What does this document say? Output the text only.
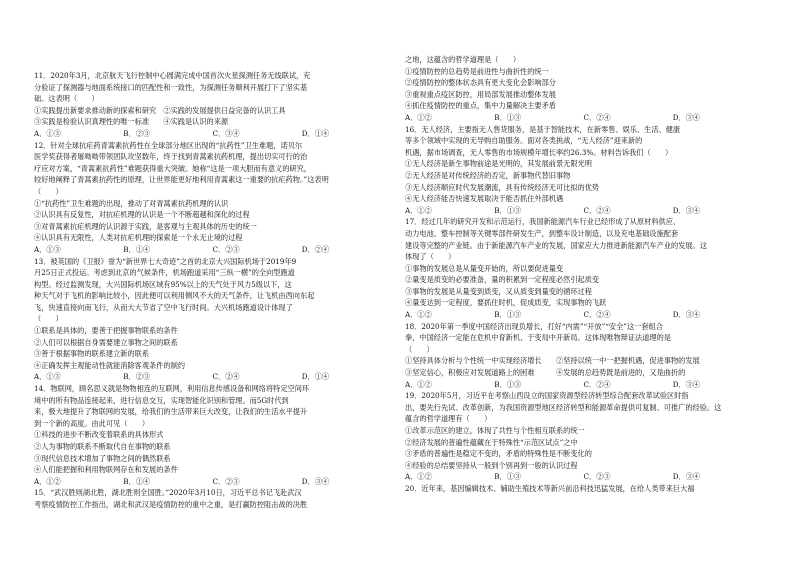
11．2020年3月，北京航天飞行控制中心圆满完成中国首次火星探测任务无线联试，充
分验证了探测器与地面系统接口的匹配性和一致性，为探测任务顺利开展打下了坚实基
础。这表明（　　）

①实践提出新要求推动新的探索和研究　②实践的发展提供日益完备的认识工具
③实践是检验认识真理性的唯一标准　　④实践是认识的来源
A．①③	B．②③	C．③④	D．①④

12．针对全球抗疟药青蒿素抗药性在全球部分地区出现的“抗药性”卫生难题，诺贝尔
医学奖获得者屠呦呦带领团队攻坚数年，终于找到青蒿素抗药机理，提出切实可行的治
疗应对方案，“青蒿素抗药性”难题获得重大突破。她称“这是一项大胆而有意义的研究，
较好地阐释了青蒿素抗药性的原理，让世界能更好地利用青蒿素这一重要的抗疟药物。”这表明
（　　）

①“抗药性”卫生难题的出现，推动了对青蒿素抗药机理的认识
②认识具有反复性，对抗疟机理的认识是一个不断超越和深化的过程
③对青蒿素抗疟机理的认识源于实践，是客观与主观具体的历史的统一
④认识具有无限性，人类对抗疟机理的探索是一个永无止境的过程
A．①③	B．①④	C．②③	D．②④

13．被英国的《卫报》誉为“新世界七大奇迹”之首的北京大兴国际机场于2019年9
月25日正式投运。考虑到北京的气候条件，机场跑道采用“三纵一横”的全向型跑道
构型。经过监测发现，大兴国际机场区域有95%以上的天气处于风力5级以下，这
种天气对于飞机的影响比较小，因此便可以利用侧风不大的天气条件，让飞机由西向东起
飞，快速直接向南飞行，从而大大节省了空中飞行时间。大兴机场跑道设计体现了
（　　）

①联系是具体的，要善于把握事物联系的条件
②人们可以根据自身需要建立事物之间的联系
③善于根据事物的联系建立新的联系
④正确发挥主观能动性就能消除客观条件的制约
A．①③	B．②③	C．②④	D．①④

14．物联网，顾名思义就是物物相连的互联网，利用信息传感设备和网络将特定空间环
境中的所有物品连接起来，进行信息交互，实现智能化识别和管理。而5G时代到
来，极大地提升了物联网的发展，给我们的生活带来巨大改变，让我们的生活水平提升
到一个新的高度。由此可见（　　）

①科技的进步不断改变着联系的具体形式
②人为事物的联系不断取代自在事物的联系
③现代信息技术增加了事物之间的偶然联系
④人们能把握和利用物联网存在和发展的条件
A．①②	B．①④	C．②③	D．③④

15．“武汉胜则湖北胜，湖北胜则全国胜。”2020年3月10日，习近平总书记飞赴武汉
考察疫情防控工作指出，湖北和武汉是疫情防控的重中之重，是打赢防控阻击战的决胜

之地，这蕴含的哲学道理是（　　）

①疫情防控的总趋势是前进性与曲折性的统一
②疫情防控的整体状态具有更大变化会影响部分
③重视重点疫区防控，用局部发展推动整体发展
④抓住疫情防控的重点，集中力量解决主要矛盾
A．①②	B．①③	C．②④	D．③④

16．无人经济，主要指无人售货服务，是基于智能技术，在新零售、娱乐、生活、健康
等多个领域中实现的无导购自助服务。面对各类挑战，“无人经济”迎来新的
机遇，据市场调查，无人零售的市场规模年增长率约26.3%。材料告诉我们（　　）

①无人经济是新生事物前途是光明的，其发展前景无限光明
②无人经济是对传统经济的否定，新事物代替旧事物
③无人经济顺应时代发展潮流，具有传统经济无可比拟的优势
④无人经济能否快速发展取决于能否抓住外部机遇
A．①②	B．①③	C．②④	D．③④

17．经过几年的研究开发和示范运行，我国新能源汽车行业已经形成了从原材料供应、
动力电池、整车控制等关键零部件研发生产，到整车设计制造，以及充电基础设施配套
建设等完整的产业链。由于新能源汽车产业的发展，国家应大力推进新能源汽车产业的发展。这
体现了（　　）

①事物的发展总是从量变开始的，所以要促进量变
②量变是质变的必要准备，量的积累到一定程度必然引起质变
③事物的发展是从量变到质变，又从质变到量变的循环过程
④量变达到一定程度，要抓住时机，促成质变，实现事物的飞跃
A．①②	B．①③	C．②④	D．③④

18．2020年第一季度中国经济出现负增长，打好“内需”“开放”“安全”这一套组合
拳，中国经济一定能在危机中育新机、于变局中开新局。这体现唯物辩证法道理的是
（　　）

①坚持具体分析与个性统一中实现经济增长　　②坚持以统一中一把握机遇，促进事物的发展
③坚定信心，积极应对发展道路上的困难　　　④发展的总趋势既是前进的，又是曲折的
A．①②	B．①③	C．②④	D．③④

19．2020年5月，习近平在考察山西设立的国家资源型经济转型综合配套改革试验区时指
出，要先行先试、改革创新，为我国资源型地区经济转型和能源革命提供可复制、可推广的经验。这
蕴含的哲学道理有（　　）

①改革示范区的建立，体现了共性与个性相互联系的统一
②经济发展的普遍性蕴藏在于特殊性“示范区试点”之中
③矛盾的普遍性是稳定不变的，矛盾的特殊性是不断变化的
④经验的总结要坚持从一般到个别再到一般的认识过程
A．①②	B．①③	C．②③	D．③④

20．近年来，基因编辑技术、辅助生殖技术等新兴前沿科技迅猛发展，在给人类带来巨大福
